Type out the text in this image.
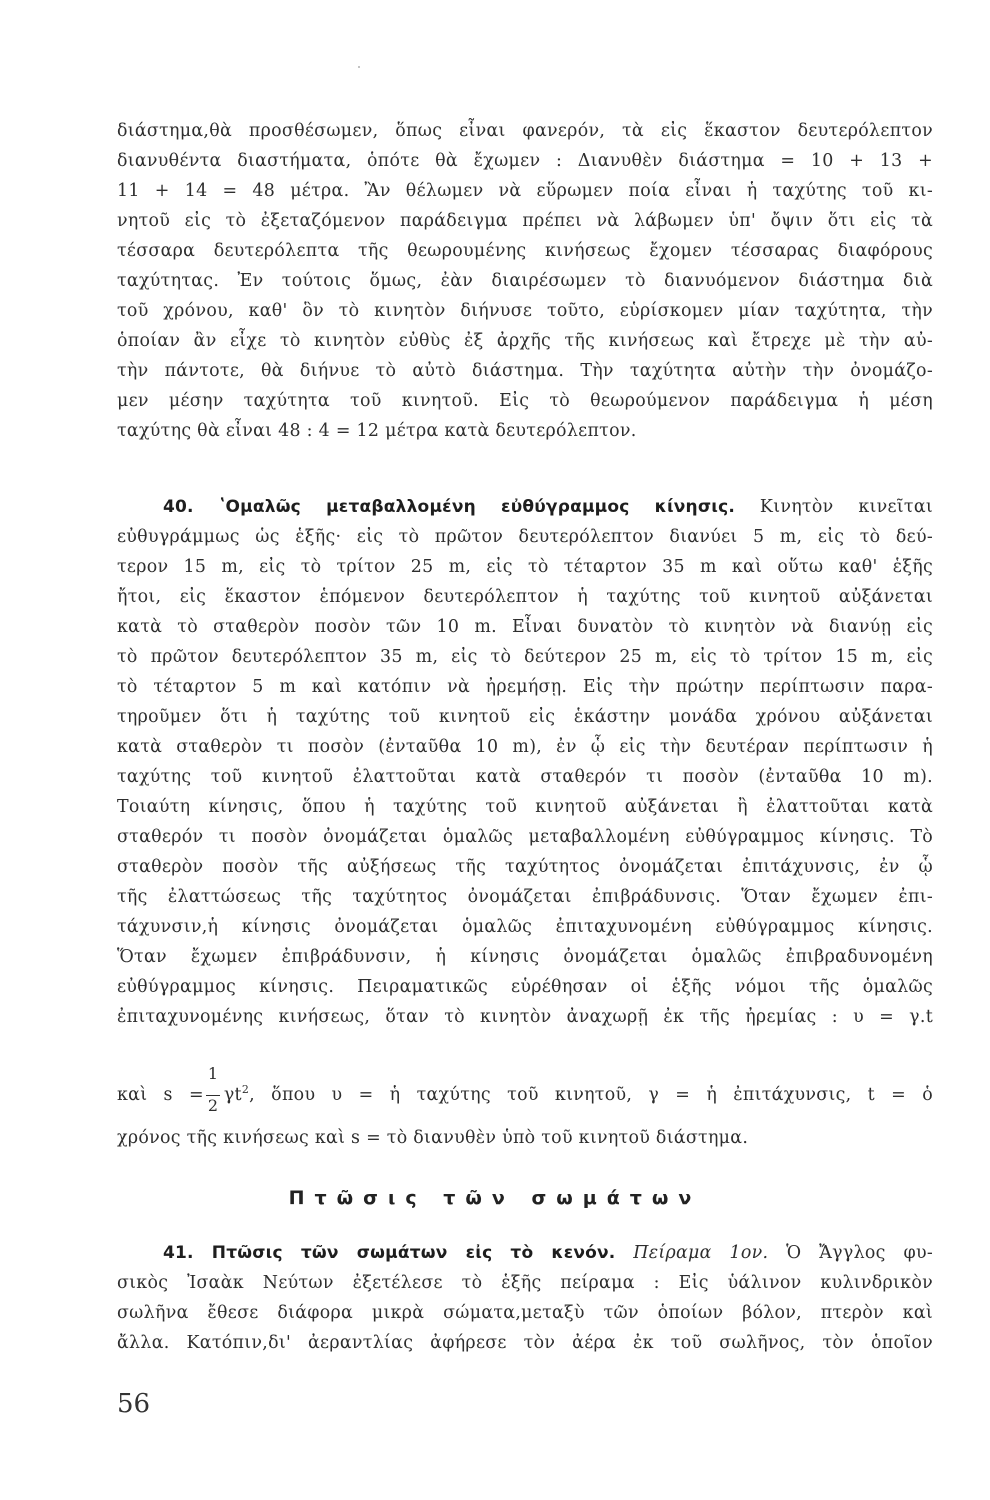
διάστημα,θὰ προσθέσωμεν, ὅπως εἶναι φανερόν, τὰ εἰς ἕκαστον δευτερόλεπτον
διανυθέντα διαστήματα, ὁπότε θὰ ἔχωμεν : Διανυθὲν διάστημα = 10 + 13 +
11 + 14 = 48 μέτρα. Ἂν θέλωμεν νὰ εὕρωμεν ποία εἶναι ἡ ταχύτης τοῦ κι-
νητοῦ εἰς τὸ ἐξεταζόμενον παράδειγμα πρέπει νὰ λάβωμεν ὑπ' ὄψιν ὅτι εἰς τὰ
τέσσαρα δευτερόλεπτα τῆς θεωρουμένης κινήσεως ἔχομεν τέσσαρας διαφόρους
ταχύτητας. Ἐν τούτοις ὅμως, ἐὰν διαιρέσωμεν τὸ διανυόμενον διάστημα διὰ
τοῦ χρόνου, καθ' ὃν τὸ κινητὸν διήνυσε τοῦτο, εὑρίσκομεν μίαν ταχύτητα, τὴν
ὁποίαν ἂν εἶχε τὸ κινητὸν εὐθὺς ἐξ ἀρχῆς τῆς κινήσεως καὶ ἔτρεχε μὲ τὴν αὐ-
τὴν πάντοτε, θὰ διήνυε τὸ αὐτὸ διάστημα. Τὴν ταχύτητα αὐτὴν τὴν ὀνομάζο-
μεν μέσην ταχύτητα τοῦ κινητοῦ. Εἰς τὸ θεωρούμενον παράδειγμα ἡ μέση
ταχύτης θὰ εἶναι 48 : 4 = 12 μέτρα κατὰ δευτερόλεπτον.
40. ʽΟμαλῶς μεταβαλλομένη εὐθύγραμμος κίνησις. Κινητὸν κινεῖται
εὐθυγράμμως ὡς ἑξῆς· εἰς τὸ πρῶτον δευτερόλεπτον διανύει 5 m, εἰς τὸ δεύ-
τερον 15 m, εἰς τὸ τρίτον 25 m, εἰς τὸ τέταρτον 35 m καὶ οὕτω καθ' ἑξῆς
ἤτοι, εἰς ἕκαστον ἑπόμενον δευτερόλεπτον ἡ ταχύτης τοῦ κινητοῦ αὐξάνεται
κατὰ τὸ σταθερὸν ποσὸν τῶν 10 m. Εἶναι δυνατὸν τὸ κινητὸν νὰ διανύῃ εἰς
τὸ πρῶτον δευτερόλεπτον 35 m, εἰς τὸ δεύτερον 25 m, εἰς τὸ τρίτον 15 m, εἰς
τὸ τέταρτον 5 m καὶ κατόπιν νὰ ἠρεμήσῃ. Εἰς τὴν πρώτην περίπτωσιν παρα-
τηροῦμεν ὅτι ἡ ταχύτης τοῦ κινητοῦ εἰς ἑκάστην μονάδα χρόνου αὐξάνεται
κατὰ σταθερὸν τι ποσὸν (ἐνταῦθα 10 m), ἐν ᾧ εἰς τὴν δευτέραν περίπτωσιν ἡ
ταχύτης τοῦ κινητοῦ ἐλαττοῦται κατὰ σταθερόν τι ποσὸν (ἐνταῦθα 10 m).
Τοιαύτη κίνησις, ὅπου ἡ ταχύτης τοῦ κινητοῦ αὐξάνεται ἢ ἐλαττοῦται κατὰ
σταθερόν τι ποσὸν ὀνομάζεται ὁμαλῶς μεταβαλλομένη εὐθύγραμμος κίνησις. Τὸ
σταθερὸν ποσὸν τῆς αὐξήσεως τῆς ταχύτητος ὀνομάζεται ἐπιτάχυνσις, ἐν ᾧ
τῆς ἐλαττώσεως τῆς ταχύτητος ὀνομάζεται ἐπιβράδυνσις. Ὅταν ἔχωμεν ἐπι-
τάχυνσιν,ἡ κίνησις ὀνομάζεται ὁμαλῶς ἐπιταχυνομένη εὐθύγραμμος κίνησις.
Ὅταν ἔχωμεν ἐπιβράδυνσιν, ἡ κίνησις ὀνομάζεται ὁμαλῶς ἐπιβραδυνομένη
εὐθύγραμμος κίνησις. Πειραματικῶς εὑρέθησαν οἱ ἑξῆς νόμοι τῆς ὁμαλῶς
ἐπιταχυνομένης κινήσεως, ὅταν τὸ κινητὸν ἀναχωρῇ ἐκ τῆς ἠρεμίας : υ = γ.t
καὶ $s = \frac{1}{2} \gamma t^2$, ὅπου υ = ἡ ταχύτης τοῦ κινητοῦ, γ = ἡ ἐπιτάχυνσις, t = ὁ
χρόνος τῆς κινήσεως καὶ s = τὸ διανυθὲν ὑπὸ τοῦ κινητοῦ διάστημα.
Πτῶσις τῶν σωμάτων
41. Πτῶσις τῶν σωμάτων εἰς τὸ κενόν. Πείραμα 1ον. Ὁ Ἄγγλος φυ-
σικὸς Ἰσαὰκ Νεύτων ἐξετέλεσε τὸ ἑξῆς πείραμα : Εἰς ὑάλινον κυλινδρικὸν
σωλῆνα ἔθεσε διάφορα μικρὰ σώματα,μεταξὺ τῶν ὁποίων βόλον, πτερὸν καὶ
ἄλλα. Κατόπιν,δι' ἀεραντλίας ἀφήρεσε τὸν ἀέρα ἐκ τοῦ σωλῆνος, τὸν ὁποῖον
56
